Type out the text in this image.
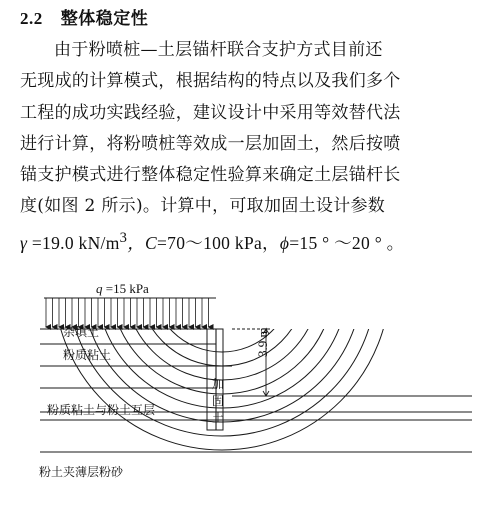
2.2 整体稳定性
由于粉喷桩—土层锚杆联合支护方式目前还
无现成的计算模式，根据结构的特点以及我们多个
工程的成功实践经验，建议设计中采用等效替代法
进行计算，将粉喷桩等效成一层加固土，然后按喷
锚支护模式进行整体稳定性验算来确定土层锚杆长
度(如图 2 所示)。计算中，可取加固土设计参数
γ =19.0 $kN/m^3$，C=70～100 kPa，ϕ=15 ° ～20 ° 。
q =15 kPa
3.9 m
加固土
杂填土
粉质粘土
粉质粘土与粉土互层
粉土夹薄层粉砂
